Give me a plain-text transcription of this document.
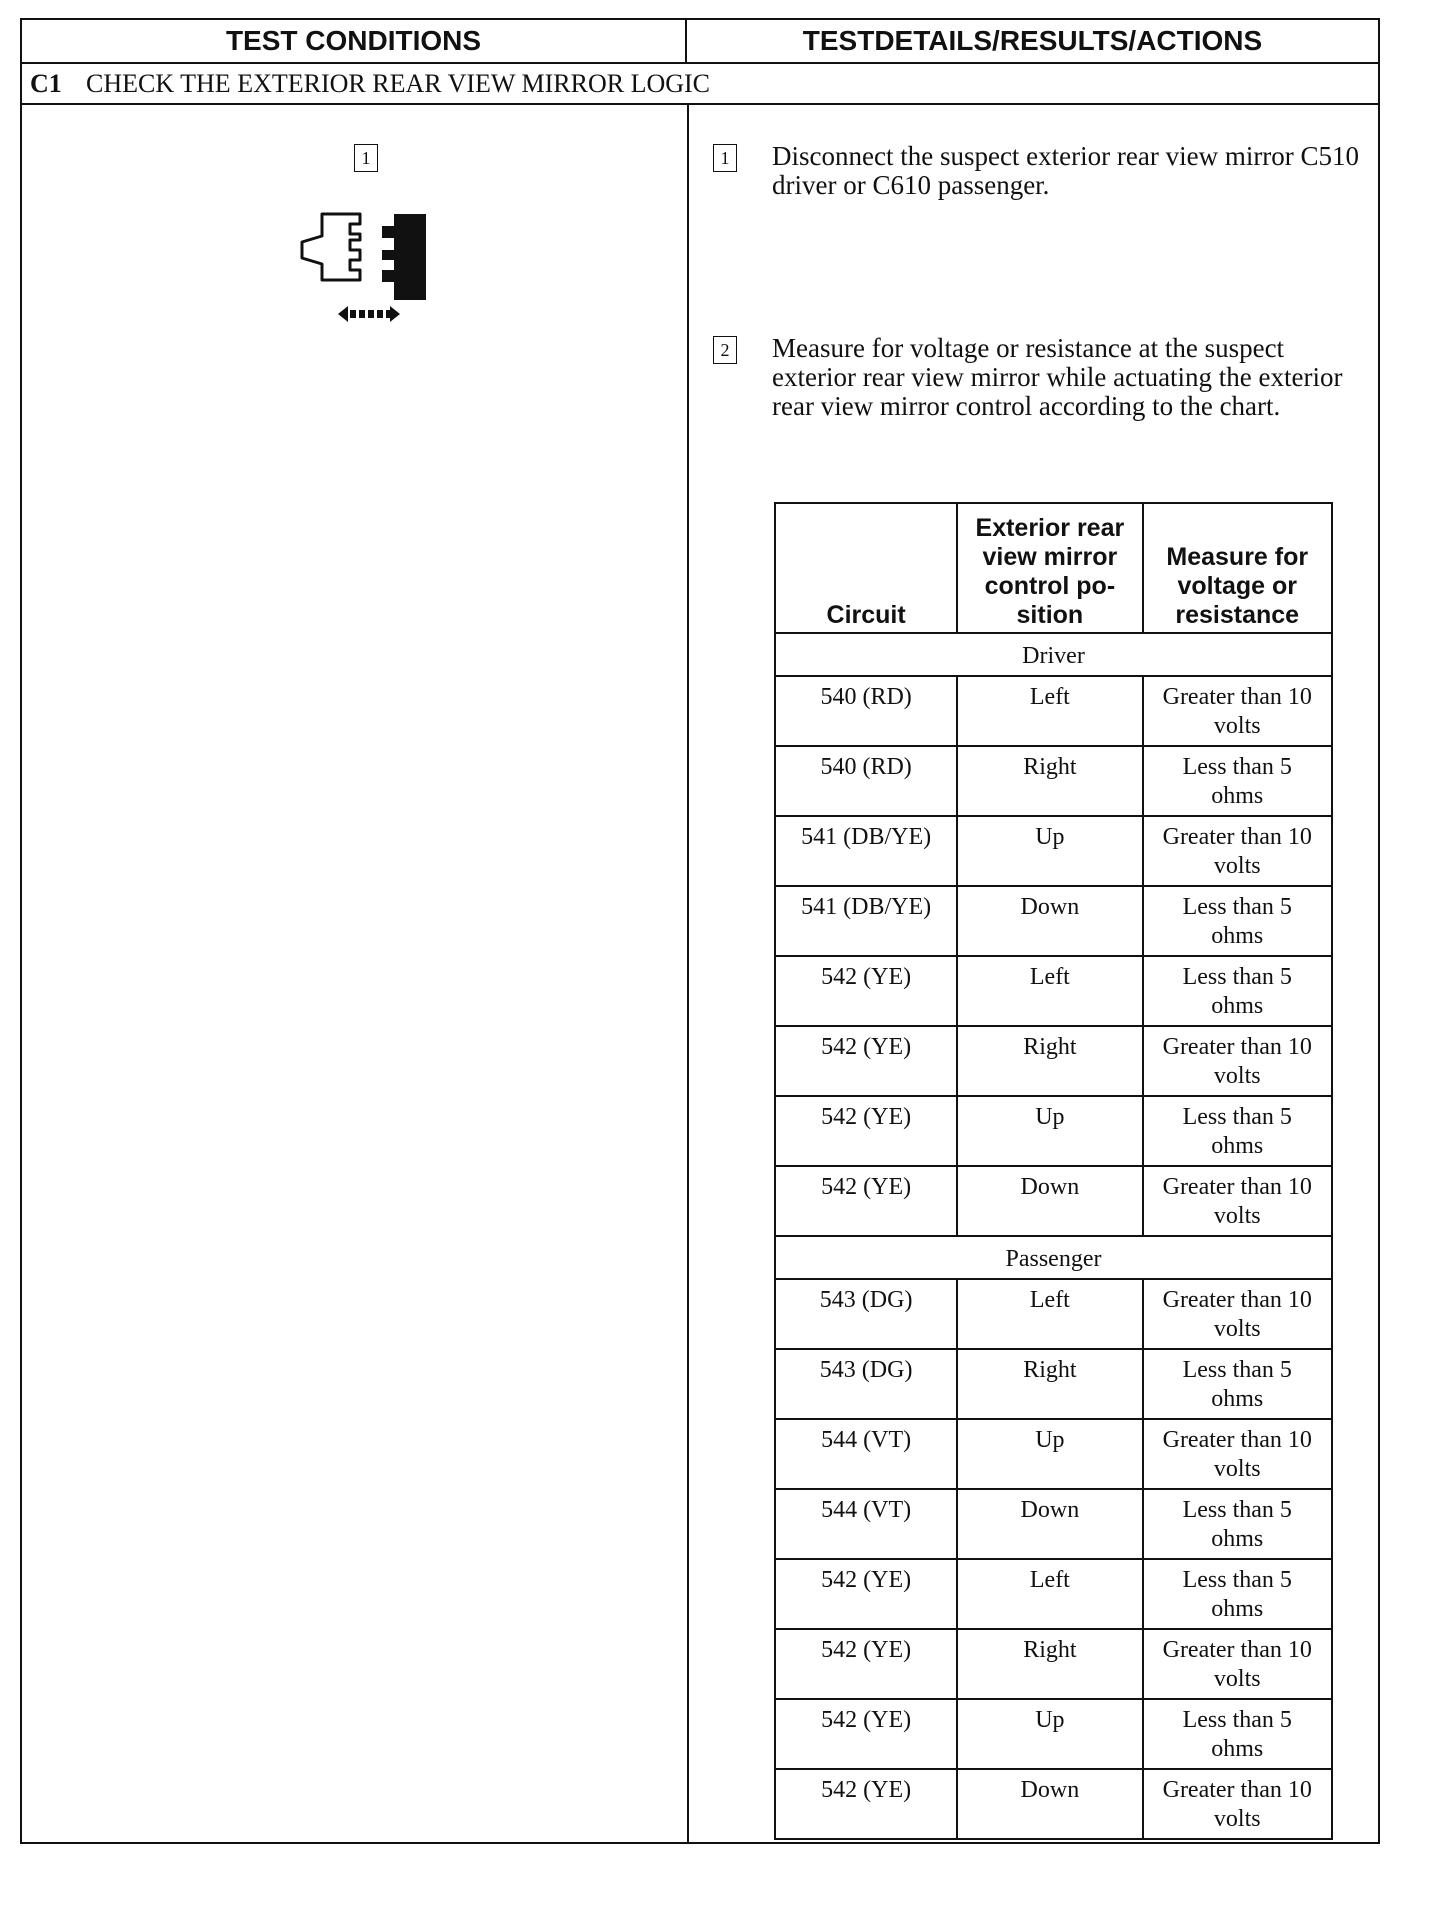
TEST CONDITIONS	TESTDETAILS/RESULTS/ACTIONS
C1 CHECK THE EXTERIOR REAR VIEW MIRROR LOGIC
1	1 Disconnect the suspect exterior rear view mirror C510 driver or C610 passenger.
2 Measure for voltage or resistance at the suspect exterior rear view mirror while actuating the exterior rear view mirror control according to the chart.
Circuit	Exterior rear view mirror control po-sition	Measure for voltage or resistance
Driver		
540 (RD)	Left	Greater than 10 volts
540 (RD)	Right	Less than 5 ohms
541 (DB/YE)	Up	Greater than 10 volts
541 (DB/YE)	Down	Less than 5 ohms
542 (YE)	Left	Less than 5 ohms
542 (YE)	Right	Greater than 10 volts
542 (YE)	Up	Less than 5 ohms
542 (YE)	Down	Greater than 10 volts
Passenger		
543 (DG)	Left	Greater than 10 volts
543 (DG)	Right	Less than 5 ohms
544 (VT)	Up	Greater than 10 volts
544 (VT)	Down	Less than 5 ohms
542 (YE)	Left	Less than 5 ohms
542 (YE)	Right	Greater than 10 volts
542 (YE)	Up	Less than 5 ohms
542 (YE)	Down	Greater than 10 volts
